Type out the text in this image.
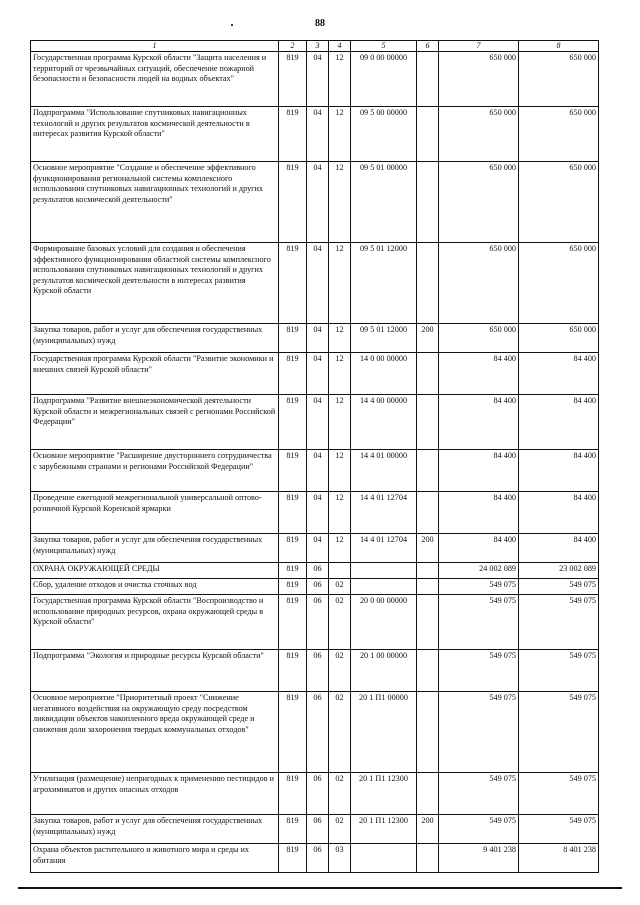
88
1	2	3	4	5	6	7	8
Государственная программа Курской области "Защита населения и территорий от чрезвычайных ситуаций, обеспечение пожарной безопасности и безопасности людей на водных объектах"	819	04	12	09 0 00 00000		650 000	650 000
Подпрограмма "Использование спутниковых навигационных технологий и других результатов космической деятельности в интересах развития Курской области"	819	04	12	09 5 00 00000		650 000	650 000
Основное мероприятие "Создание и обеспечение эффективного функционирования региональной системы комплексного использования спутниковых навигационных технологий и других результатов космической деятельности"	819	04	12	09 5 01 00000		650 000	650 000
Формирование базовых условий для создания и обеспечения эффективного функционирования областной системы комплексного использования спутниковых навигационных технологий и других результатов космической деятельности в интересах развития Курской области	819	04	12	09 5 01 12000		650 000	650 000
Закупка товаров, работ и услуг для обеспечения государственных (муниципальных) нужд	819	04	12	09 5 01 12000	200	650 000	650 000
Государственная программа Курской области "Развитие экономики и внешних связей Курской области"	819	04	12	14 0 00 00000		84 400	84 400
Подпрограмма "Развитие внешнеэкономической деятельности Курской области и межрегиональных связей с регионами Российской Федерации"	819	04	12	14 4 00 00000		84 400	84 400
Основное мероприятие "Расширение двустороннего сотрудничества с зарубежными странами и регионами Российской Федерации"	819	04	12	14 4 01 00000		84 400	84 400
Проведение ежегодной межрегиональной универсальной оптово-розничной Курской Коренской ярмарки	819	04	12	14 4 01 12704		84 400	84 400
Закупка товаров, работ и услуг для обеспечения государственных (муниципальных) нужд	819	04	12	14 4 01 12704	200	84 400	84 400
ОХРАНА ОКРУЖАЮЩЕЙ СРЕДЫ	819	06				24 002 089	23 002 089
Сбор, удаление отходов и очистка сточных вод	819	06	02			549 075	549 075
Государственная программа Курской области "Воспроизводство и использование природных ресурсов, охрана окружающей среды в Курской области"	819	06	02	20 0 00 00000		549 075	549 075
Подпрограмма "Экология и природные ресурсы Курской области"	819	06	02	20 1 00 00000		549 075	549 075
Основное мероприятие "Приоритетный проект "Снижение негативного воздействия на окружающую среду посредством ликвидации объектов накопленного вреда окружающей среде и снижения доли захоронения твердых коммунальных отходов"	819	06	02	20 1 П1 00000		549 075	549 075
Утилизация (размещение) непригодных к применению пестицидов и агрохимикатов и других опасных отходов	819	06	02	20 1 П1 12300		549 075	549 075
Закупка товаров, работ и услуг для обеспечения государственных (муниципальных) нужд	819	06	02	20 1 П1 12300	200	549 075	549 075
Охрана объектов растительного и животного мира и среды их обитания	819	06	03			9 401 238	8 401 238
